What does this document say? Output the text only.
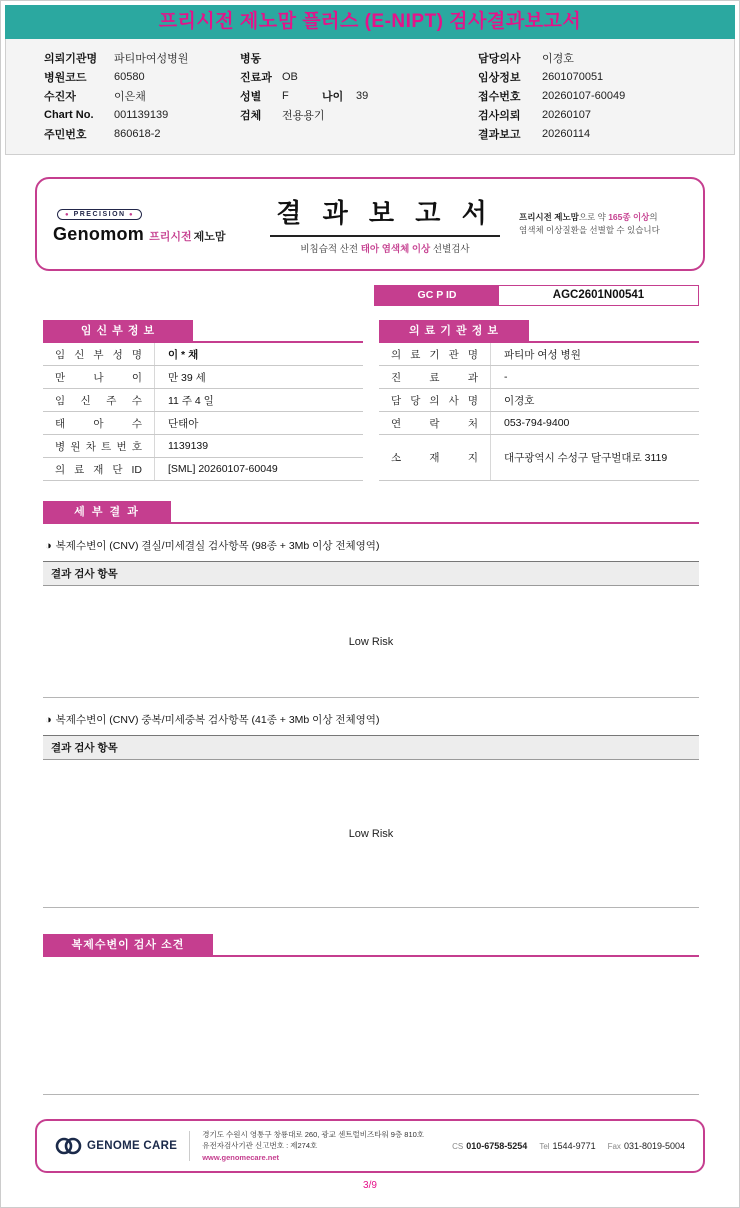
프리시전 제노맘 플러스 (E-NIPT) 검사결과보고서
의뢰기관명	파티마여성병원
병원코드	60580
수진자	이은채
Chart No.	001139139
주민번호	860618-2
병동
진료과 OB
성별	F	나이	39
검체	전용용기
담당의사	이경호
임상정보	2601070051
접수번호	20260107-60049
검사의뢰	20260107
결과보고	20260114
● PRECISION ●
Genomom 프리시전 제노맘
결 과 보 고 서
비침습적 산전 태아 염색체 이상 선별검사
프리시전 제노맘으로 약 165종 이상의
염색체 이상질환을 선별할 수 있습니다
GC P ID	AGC2601N00541
임 신 부 정 보
임 신 부 성 명	이 * 채
만 나 이	만 39 세
임 신 주 수	11 주 4 일
태 아 수	단태아
병 원 차 트 번 호	1139139
의 료 재 단 ID	[SML] 20260107-60049
의 료 기 관 정 보
의 료 기 관 명	파티마 여성 병원
진 료 과	-
담 당 의 사 명	이경호
연 락 처	053-794-9400
소 재 지	대구광역시 수성구 달구벌대로 3119
세 부 결 과
◑ 복제수변이 (CNV) 결실/미세결실 검사항목 (98종 + 3Mb 이상 전체영역)
결과 검사 항목
Low Risk
◑ 복제수변이 (CNV) 중복/미세중복 검사항목 (41종 + 3Mb 이상 전체영역)
결과 검사 항목
Low Risk
복제수변이 검사 소견
GENOME CARE
경기도 수원시 영통구 창룡대로 260, 광교 센트럴비즈타워 9층 810호
유전자검사기관 신고번호 : 제274호
www.genomecare.net
CS 010-6758-5254 Tel 1544-9771 Fax 031-8019-5004
3/9
